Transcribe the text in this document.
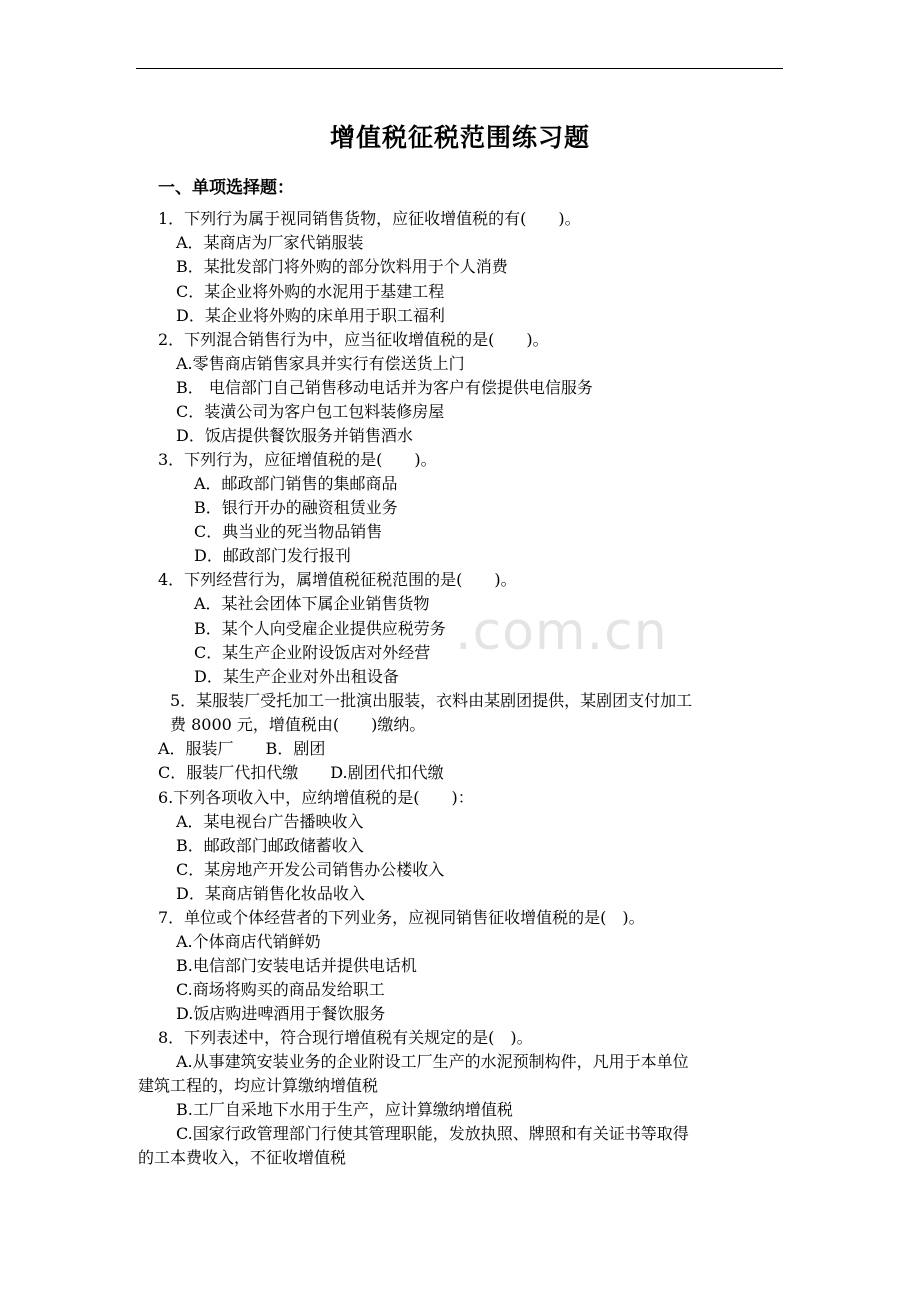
增值税征税范围练习题
一、单项选择题：
.com.cn
1．下列行为属于视同销售货物，应征收增值税的有(　　)。
A．某商店为厂家代销服装
B．某批发部门将外购的部分饮料用于个人消费
C．某企业将外购的水泥用于基建工程
D．某企业将外购的床单用于职工福利
2．下列混合销售行为中，应当征收增值税的是(　　)。
A.零售商店销售家具并实行有偿送货上门
B． 电信部门自己销售移动电话并为客户有偿提供电信服务
C．装潢公司为客户包工包料装修房屋
D．饭店提供餐饮服务并销售酒水
3．下列行为，应征增值税的是(　　)。
A．邮政部门销售的集邮商品
B．银行开办的融资租赁业务
C．典当业的死当物品销售
D．邮政部门发行报刊
4．下列经营行为，属增值税征税范围的是(　　)。
A．某社会团体下属企业销售货物
B．某个人向受雇企业提供应税劳务
C．某生产企业附设饭店对外经营
D．某生产企业对外出租设备
5．某服装厂受托加工一批演出服装，衣料由某剧团提供，某剧团支付加工
费 8000 元，增值税由(　　)缴纳。
A．服装厂　　B．剧团
C．服装厂代扣代缴　　D.剧团代扣代缴
6.下列各项收入中，应纳增值税的是(　　)：
A．某电视台广告播映收入
B．邮政部门邮政储蓄收入
C．某房地产开发公司销售办公楼收入
D．某商店销售化妆品收入
7．单位或个体经营者的下列业务，应视同销售征收增值税的是(　)。
A.个体商店代销鲜奶
B.电信部门安装电话并提供电话机
C.商场将购买的商品发给职工
D.饭店购进啤酒用于餐饮服务
8．下列表述中，符合现行增值税有关规定的是(　)。
A.从事建筑安装业务的企业附设工厂生产的水泥预制构件，凡用于本单位
建筑工程的，均应计算缴纳增值税
B.工厂自采地下水用于生产，应计算缴纳增值税
C.国家行政管理部门行使其管理职能，发放执照、牌照和有关证书等取得
的工本费收入，不征收增值税
